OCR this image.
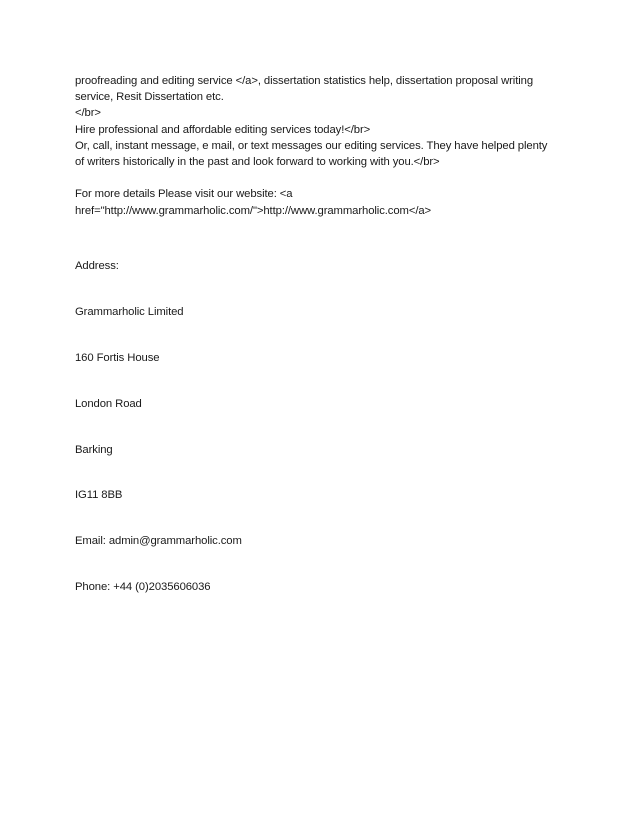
proofreading and editing service </a>, dissertation statistics help, dissertation proposal writing
service, Resit Dissertation etc.
</br>
Hire professional and affordable editing services today!</br>
Or, call, instant message, e mail, or text messages our editing services. They have helped plenty
of writers historically in the past and look forward to working with you.</br>
For more details Please visit our website: <a
href="http://www.grammarholic.com/">http://www.grammarholic.com</a>
Address:
Grammarholic Limited
160 Fortis House
London Road
Barking
IG11 8BB
Email: admin@grammarholic.com
Phone: +44 (0)2035606036
